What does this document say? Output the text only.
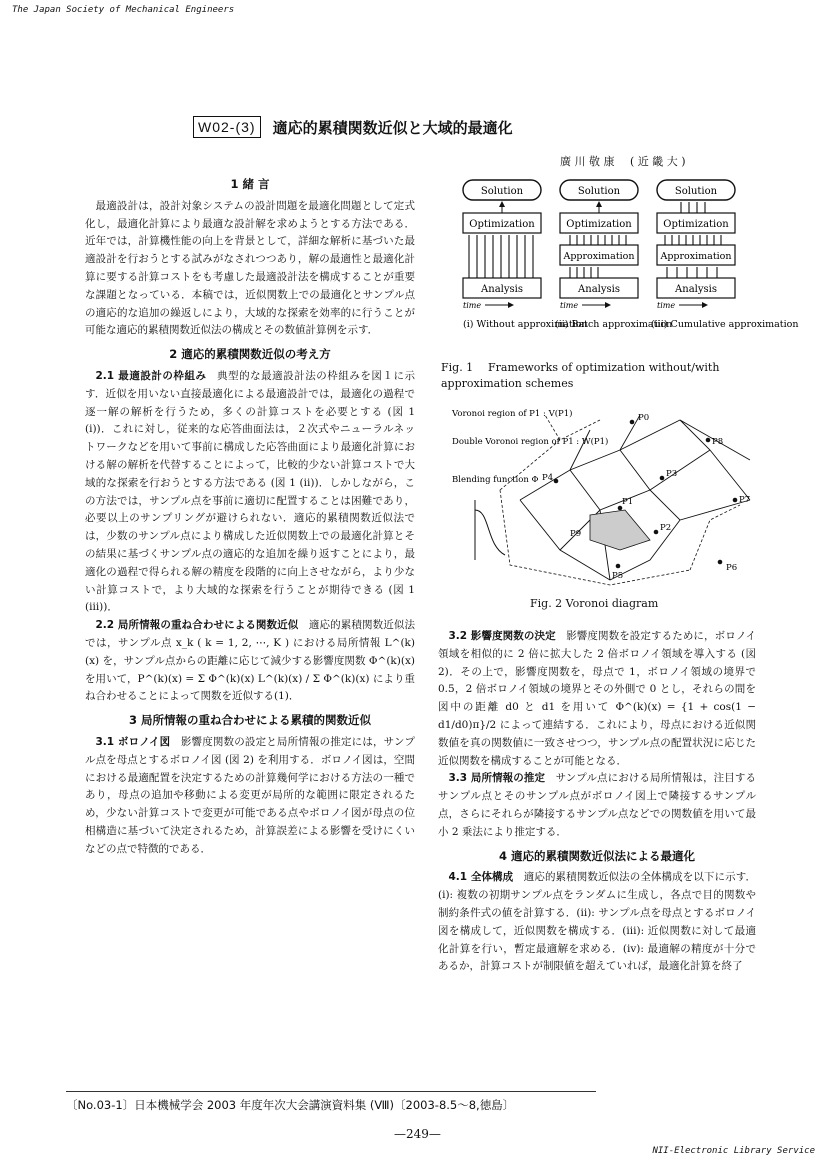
The Japan Society of Mechanical Engineers
W02-(3)	適応的累積関数近似と大域的最適化
廣 川 敬 康 ( 近 畿 大 )
1 緒 言
最適設計は，設計対象システムの設計問題を最適化問題として定式化し，最適化計算により最適な設計解を求めようとする方法である．近年では，計算機性能の向上を背景として，詳細な解析に基づいた最適設計を行おうとする試みがなされつつあり，解の最適性と最適化計算に要する計算コストをも考慮した最適設計法を構成することが重要な課題となっている．本稿では，近似関数上での最適化とサンプル点の適応的な追加の繰返しにより，大域的な探索を効率的に行うことが可能な適応的累積関数近似法の構成とその数値計算例を示す．
2 適応的累積関数近似の考え方
2.1 最適設計の枠組み 典型的な最適設計法の枠組みを図１に示す．近似を用いない直接最適化による最適設計では，最適化の過程で逐一解の解析を行うため，多くの計算コストを必要とする (図 1 (i))．これに対し，従来的な応答曲面法は，２次式やニューラルネットワークなどを用いて事前に構成した応答曲面により最適化計算における解の解析を代替することによって，比較的少ない計算コストで大域的な探索を行おうとする方法である (図 1 (ii))．しかしながら，この方法では，サンプル点を事前に適切に配置することは困難であり，必要以上のサンプリングが避けられない．適応的累積関数近似法では，少数のサンプル点により構成した近似関数上での最適化計算とその結果に基づくサンプル点の適応的な追加を繰り返すことにより，最適化の過程で得られる解の精度を段階的に向上させながら，より少ない計算コストで，より大域的な探索を行うことが期待できる (図 1 (iii))．
2.2 局所情報の重ね合わせによる関数近似 適応的累積関数近似法では，サンプル点 x_k ( k = 1, 2, ⋯, K ) における局所情報 L^(k)(x) を，サンプル点からの距離に応じて減少する影響度関数 Φ^(k)(x) を用いて，P^(k)(x) = Σ Φ^(k)(x) L^(k)(x) / Σ Φ^(k)(x) により重ね合わせることによって関数を近似する(1)．
3 局所情報の重ね合わせによる累積的関数近似
3.1 ボロノイ図 影響度関数の設定と局所情報の推定には，サンプル点を母点とするボロノイ図 (図 2) を利用する．ボロノイ図は，空間における最適配置を決定するための計算幾何学における方法の一種であり，母点の追加や移動による変更が局所的な範囲に限定されるため，少ない計算コストで変更が可能である点やボロノイ図が母点の位相構造に基づいて決定されるため，計算誤差による影響を受けにくいなどの点で特徴的である．
Solution
Optimization
Analysis
time
(i) Without approximation
Solution
Optimization
Approximation
Analysis
time
(ii) Batch approximation
Solution
Optimization
Approximation
Analysis
time
(iii) Cumulative approximation
Fig. 1 Frameworks of optimization without/with approximation schemes
Voronoi region of P1 : V(P1)
Double Voronoi region of P1 : W(P1)
Blending function Φ
P0
P1
P2
P3
P4
P5
P6
P7
P8
P9
Fig. 2 Voronoi diagram
3.2 影響度関数の決定 影響度関数を設定するために，ボロノイ領域を相似的に 2 倍に拡大した 2 倍ボロノイ領域を導入する (図 2)．その上で，影響度関数を，母点で 1，ボロノイ領域の境界で 0.5，2 倍ボロノイ領域の境界とその外側で 0 とし，それらの間を図中の距離 d0 と d1 を用いて Φ^(k)(x) = {1 + cos(1 − d1/d0)π}/2 によって連結する．これにより，母点における近似関数値を真の関数値に一致させつつ，サンプル点の配置状況に応じた近似関数を構成することが可能となる．
3.3 局所情報の推定 サンプル点における局所情報は，注目するサンプル点とそのサンプル点がボロノイ図上で隣接するサンプル点，さらにそれらが隣接するサンプル点などでの関数値を用いて最小 2 乗法により推定する．
4 適応的累積関数近似法による最適化
4.1 全体構成 適応的累積関数近似法の全体構成を以下に示す．(i): 複数の初期サンプル点をランダムに生成し，各点で目的関数や制約条件式の値を計算する．(ii): サンプル点を母点とするボロノイ図を構成して，近似関数を構成する．(iii): 近似関数に対して最適化計算を行い，暫定最適解を求める．(iv): 最適解の精度が十分であるか，計算コストが制限値を超えていれば，最適化計算を終了
〔No.03-1〕日本機械学会 2003 年度年次大会講演資料集 (Ⅷ)〔2003-8.5～8,徳島〕
—249—
NII-Electronic Library Service
